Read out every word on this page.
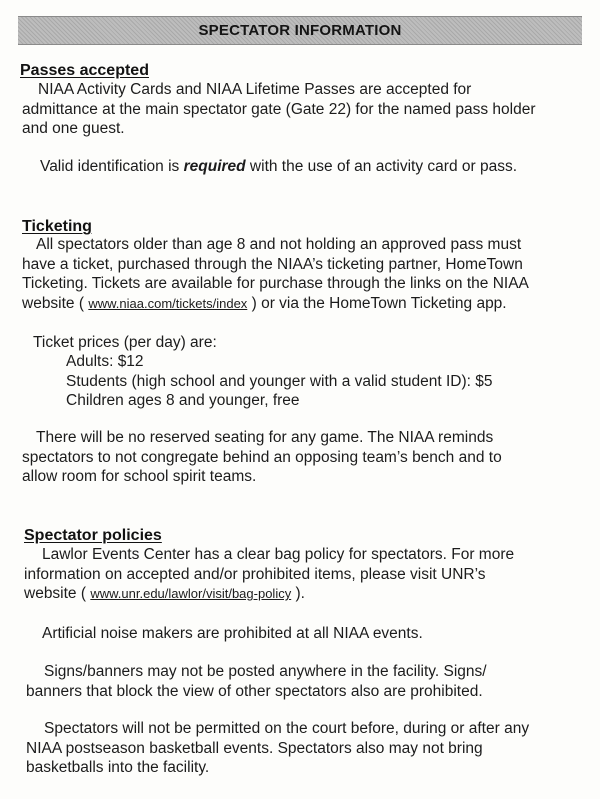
SPECTATOR INFORMATION
Passes accepted
NIAA Activity Cards and NIAA Lifetime Passes are accepted for
admittance at the main spectator gate (Gate 22) for the named pass holder
and one guest.
Valid identification is required with the use of an activity card or pass.
Ticketing
All spectators older than age 8 and not holding an approved pass must
have a ticket, purchased through the NIAA’s ticketing partner, HomeTown
Ticketing. Tickets are available for purchase through the links on the NIAA
website ( www.niaa.com/tickets/index ) or via the HomeTown Ticketing app.
Ticket prices (per day) are:
Adults: $12
Students (high school and younger with a valid student ID): $5
Children ages 8 and younger, free
There will be no reserved seating for any game. The NIAA reminds
spectators to not congregate behind an opposing team’s bench and to
allow room for school spirit teams.
Spectator policies
Lawlor Events Center has a clear bag policy for spectators. For more
information on accepted and/or prohibited items, please visit UNR’s
website ( www.unr.edu/lawlor/visit/bag-policy ).
Artificial noise makers are prohibited at all NIAA events.
Signs/banners may not be posted anywhere in the facility. Signs/
banners that block the view of other spectators also are prohibited.
Spectators will not be permitted on the court before, during or after any
NIAA postseason basketball events. Spectators also may not bring
basketballs into the facility.
